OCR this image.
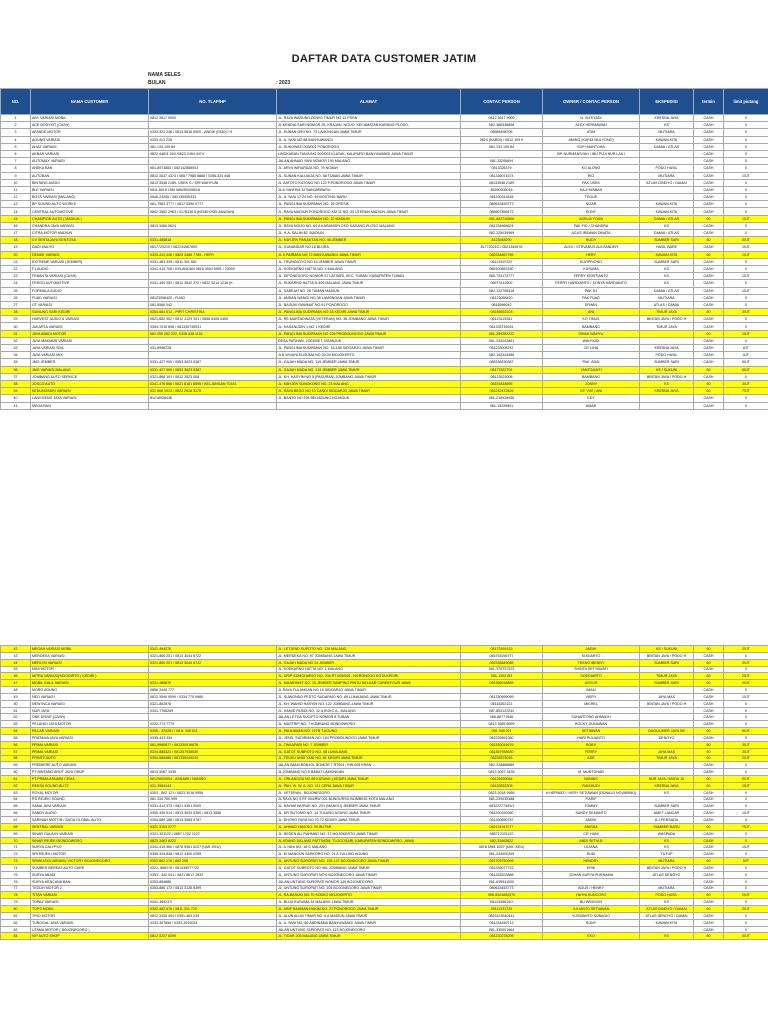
DAFTAR DATA CUSTOMER JATIM
NAMA SELES
BULAN	: 2023
NO.	NAMA CUSTOMER	NO. TLAP/HP	ALAMAT	CONTAC PERSON	OWNER / CONTAC PERSON	EKSPEDISI	termin	limit piutang
1	ABY VARIASI MOBIL	0812 3617 9000	JL. RAYA WARUNG DOWO TIMUR NO.12 PSRN	0812 3617 9000	H. SUTIYADI	KRESNA JAYA	CASH	0
2	ACE BODYKIT (CASH)		JL.KENDALSARI NOMOR 25, KRAJAN, NGIJO, KECAMATAN KARANG PLOSO,	082-366338808	ALEX HERMAWAN	KS	CASH	0
3	AFANDE MOTOR	0332-323 246 / 0813 5816 0000 - ANDIK (0330) / H	JL. SUNAN GIRI NO. 73 LAMONGAN JAWA TIMUR	08585498706	ATIM	MUTIARA	CASH	0
4	AGUNG VARIASI	0333 413 226	JL. A. YANI NO 88 BANYUWANGI	0824 (KARDI) / 0812 109 9	AMING (KARDI MULYONO)	KAWAN KITA	CASH	0
5	AHAZ VARIASI	081 133 109 84	JL. SUKOWATI 003/001 PONOROGO	081 133 109 84	SOFI MUNTOHA	DAMAI / ATLAS	CASH	0
6	AKBAR VARIASI	0822 44811 004 /0823 2494 4474	LINGKARAN TANJUNG 002/003 KLATAK, KALIPURO BANYUWANGI JAWA TIMUR		BP. NURMANSYAH / IBU PUJI NUR LAILI		CASH	0
7	AUTOMAX VARIASI		JALAN AHMAD YANI NOMOR 190 MALANG	081-33206694			CASH	0
8	ANEKA BAN	081-8973883 / 082142888003	JL. ARYA WIRARAJA NO. 79 NGAWI	0813326379	KO ALONG	PODO HASIL	CASH	0
9	AUTOBAN	0813 3037 4374 / 0857 7985 5888 / 0356-334 448	JL. SUNAN KALIJAGA NO. 58 TUBAN JAWA TIMUR	081336074374	RIO	MUTIARA	CASH	10JT
10	BINTANG AUDIO	0813 3548 2189- USEK C / SRI WAHYUNI	JL GATOTO KATONG NO 122 P.PONOROGO JAWA TIMUR	08133548 2189	PAK USEK	ATLAS DINDYO / DAMAI	CASH	0
11	BLE VARIASI	0511-5010 158/ 085250305018	JL A.YANI KM 32 BANJARBARU	85250305018	HAJI MISBAH		CASH	0
12	BOSS VARIASI (MALANG)	0548-24206 / 082135055333	JL. A. YANI 17 24 NO. 49 BOSTING BARU	081230311818	TEGUE		CASH	0
13	BP SOUND AUTO WORKS	081-7962 3777 / 0817 0390 0777	JL. PANGLIMA SUDIRMAN NO. 26 GRESIK	089615453773	NIZAR	KAWAN KITA	CASH	0
14	CENTRAL AUTOMOTIVE	0852 3552 2963 / 0176338 5 (KENDY/KELJANGAN)	JL. RAYA MADIUN PONOROGO KM 11 NO. 30 UTERAN MADIUN JAWA TIMUR	085607859472	RONY	KAWAN KITA	CASH	0
15	CHAMPION AUTO ( MADIUN )		JL. PANGLIMA SUDIRMAN NO. 22 MADIUN	081-802710806	ADELIA YOAN	DAMAI / ATLAS	60	15JT
16	CHANDRA JAYA VARIASI	0813 3466 5624	JL. RAYA NGIJO NO. 60 A KARANGPLOSO KARANG PLOSO MALANG	081334665624	PAK FIO / CHANDRA	KS	CASH	0
17	CITRA MOTOR MADIUN		JL. H.A. SALIM 82, MADIUN	082-225039969	AGUS IRAWAN DINATA	DAMAI / ATLAS	CASH	0
18	CV SENTAJAYA SENTOSA	0331-485818	JL. MAYJEN PANJAITAN NO. 48 JEMBER	8123548290	RUDY	SUMBER SARI	60	50JT
19	DADI MULYO	0817720210 / 08213456780S	JL. GUNANDAR NO.18 BLORA	81772021O / 0821345678	ALEX / STEVANUS ALEXANDER	HASIL BARE	CASH	10JT
20	DENDE VARIASI	0333-413 448 / 0823 3486 7789 - HERY	JL S.PARMAN NO 72 BANYUWANGI JAWA TIMUR	082334867789	HERY	KAWAN KITA	60	10JT
21	EXTREME VARIASI (JEMBER)	0331-483 339 / 0811 301 581	JL. TRUNOJOYO NO 16 JEMBER JAWA TIMUR	08123397337	KORPRIONO	SUMBER SARI	CASH	0
22	F1 AUDIO	0341-415 708 / KELANGAN 0818 0504 5951 / 23000	JL. SOEKARNO HATTA NO. 4 MALANG	085100853150	KUSUMA	KS	CASH	0
23	FEBANTA VARIASI (CASH)		JL. DIPONEGORO NOMOR 57 LATSARI, KEC. TUBAN, KABUPATEN TUBAN,	085-733173777	FERRY KRISTIANTO	KS	CASH	10JT
24	FERGO AUTOMOTIVE	0341-490 252 / 0812 3542 272 / 0822 3214 1216 (K	JL. SUKARNO HATTA D-409 MALANG JAWA TIMUR	08973142502	FERRY HARDIANTO / SONYA HARDIANTO	KS	CASH	0
25	FORMULA AUDIO		JL. SAREAH NO. 26 TAMAN MADIUN	082-132798418	PAK DJ	DAMAI / ATLAS	CASH	15JT
26	FUAD VARIASI	08123058420 - FUAD	JL. ANDAN WANGI NO.38 LAMONGAN JAWA TIMUR	08123058420	PAK FUAD	MUTIARA	CASH	0
27	GT VARIASI	081 6566 042	JL. BAGUKI RAWMAT NO.91 PONOROGO	0816566042	ERWIN	ATLAS / DAMAI	CASH	0
28	GUNUNG SARI KEDIRI	0354-681 012 - PIPIT CHRISTINA	JL. PANGLIMA SUDIRMAN NO 33 KEDIRI JAWA TIMUR	08155633103	ANI	TIMUR JAYA	60	30JT
29	HARVEST AUDIO & VARIASI	0821-662 952 / 0812 3129 341 / 0858 5305 0400	JL. RE MARTADINATA (VETERAN) NO. 36 JOMBANG JAWA TIMUR	08123129341	KO TINUS	BINTAN JAYA / PODO H	CASH	0
30	JAKARTA VARIASI	0354-7015 698 / 081335745931	JL. HASANUDIN 1 NO 1 KEDIRI	081335745931	BAMBANG	TIMUR JAYA	CASH	0
31	JAYA ABADI MOTOR	081 259 252 222, 0335 438 1115	JL. PANGLIMA SUDIRMAN NO 226 PROBOLINGGO JAWA TIMUR	081-259252222	ISHAK WAHYU		60	15JT
32	JAYA MAKMUR VARIASI		DESA PATIHAN, LOCEBET, NGANJUK	081-234242891	WAHYUDI		CASH	0
33	JAYA VARIASI SDA	031-8946728	JL. PANGLIMA SUDIRMAN NO. 18-198 SIDOARJO JAWA TIMUR	081233008787	CE' LINA	KRESNA JAYA	CASH	8JT
34	JAYA VARIASI MIX		JLN WIJAYA KUSUMA NO 30-34 MOJOKERTO	082-142344388		PODO HASIL	CASH	8JT
35	JMG JEMBER	0331-427 900 / 0853 3623 0387	JL. GAJAH MADA NO. 119 JEMBER JAWA TIMUR	085336230387	PAK. ADAI	SUMBER SARI	CASH	50JT
36	JMG VARIASI MALANG	0331-427 900 / 0853 3623 0387	JL. GAJAH MADA NO. 119 JEMBER JAWA TIMUR	08177537701	YANTO/ANTI	KS / SUKUNI	60	50JT
37	JOMBANG AUTO SERVICE	0321-866 191 / 0812 3523 008	JL. KH. HASYIM NO 5 (PASURAN) JOMBANG JAWA TIMUR	08123523008	BAMBANG	BINTAN JAYA / PODO H	CASH	0
38	JOSCO AUTO	0341-476 866 / 0821 8181 8595 / KELJANGAN 70181	JL. MAYJEN SUNGKONO NO. 23 MALANG	08151818595	JONNY	KS	60	30JT
39	KEDUNGSARI VARIASI	031 866 1013 / 0822 2916 3175	JL. RAYA BEGO NO 10 CANDI SIDOARJO JAWA TIMUR	082232472526	CE' VIVI / ANI	KRESNA JAYA	60	75JT
40	LANGGENG JAYA VARIASI	81216928436	JL. BANTO NO 294 BEGADUNG NGANJUK	081-216928436	EDY		CASH	0
41	MEGA BAN			081-15220891	AMAR		CASH	0
42	MEGAH VARIASI MOBIL	0341-494276	JL. LETJEND SUPOTO NO. 126 MALANG	08173391415	ANDIK	KS / SUKUNI	60	20JT
43	MERDEKA VARIASI	0321-860 201 / 0813 3044 6722	JL. MERDEKA NO. 97 JOMBANG JAWA TIMUR	085753295777	SUGIARTO	BINTAN JAYA / PODO H	CASH	0
44	MERLYN VARIASI	0321-860 201 / 0813 3044 6722	JL. GAJAH MADA NO 24 JEMBER	082335849085	TEKNO /BENNY	SUMBER SARI	60	30JT
45	MINI MOTOR		JL. SOEKARNO HATTA NO. 1 MALANG	081-370737323	SHINTA SETYAWATI		CASH	0
46	MITRA VARIASI(SIDOGIRTO ( KEDIRI )		JL. URIP SUMOHARJO NO. 204 RT 005/005 , NGRONGGO KOTA KEDIRI	081-1302153	SOEGIARTO	TIMUR JAYA	60	25JT
47	MOBIL GAUL VARIASI	0331-486670	JL. MAJAPAHIT NO. 15 JEMBER SAMPING PINTU KELUAR CARREFOUR JAWA	081358018855	AGYUS	SUMBER SARI	60	30JT
48	MORO AGUNG	0856 3445 777	JL.RAYA TULANGAN NO 18 SIDOARJO JAWA TIMUR		IMAM		CASH	0
49	NEO VARIASI	0813 3099 9099 / 0334 770 9980	JL. SUWONDO PEDTO SUDARMO NO. 89 LUMAJANG JAWA TIMUR	081330999099	VIERY	JAYA MAS	CASH	10JT
50	NEW INCA VARIASI	0321-862878	JL. KH. WAHID HASYIM NO. 122 JOMBANG JAWA TIMUR	08118352122	MICHEL	BINTAN JAYA / PODO H	CASH	0
51	NUR JAYA	0341-7766269	JL. HAMID RUSDI NO. 12 A RUKO A., MALANG	087-853122242			CASH	0
52	ONE DRIVE (CASH)		JALAN LETDA SUCIPTO NOMOR 8 TUBAN	088-88771946	SUHARTONO AHMADH		CASH	0
53	PELANGI JAYA MOTOR	0332-773 7779	JL. MASTRIP NO. 7 KOMBANG BONDOWOSO	0813 3565 6699	ROCKY GUNAWAN		CASH	0
54	PILLAR VARIASI	0355 - 323281 / 0811 345 011	JL. PAHLAWAN NO. 107B T.AGUNG	081 345 011	SETIAWAN	DAOUL/MER JAYA SB	60	50JT
55	PRATAMA JAYA VARIASI	0335-433 334	JL. JEND. SUDIRMAN NO. 164 PROBOLINGGO JAWA TIMUR	082225651360	HARI PULIANTO	DENOYO	CASH	0
56	PRIMA VARIASI	081-8960877 / 081330016676	JL. TWAAFARI NO. 7 JEMBER	081330016676	ROBY		60	30JT
57	PRIMA VARIASI	0334-885323 / 081357938530	JL. GATOT SUBROTO NO. 48 LUMAJANG	081357938530	FERRY	JAYA MAS	60	30JT
58	PRINTZ AUTO	0354-685488 / 081335443244	JL. TEUKU ANDI YANI NO. 81 KEDIRI JAWA TIMUR	08232576045	ADE	TIMUR JAYA	60	20JT
59	PREMIERE AUTO VARIASI		JALAN IMAM BONJOL NOMOR 7 RT003 / RW 008 KRAN	082-228888889			CASH	0
60	PT BINTANG ARUT JAYA GRUP	0813 3067 3435	JL JOMBANG NO.5 BABAT LAMONGAN	0813 3067 3435	M. MUNTOHAR		CASH	0
61	PT.PRIMA ASNAWI CEMA	08125920054 - ASNAWI / NANING	JL. ORLANGGA NO 86 KATANG ) KEDIRI JAWA TIMUR	08125920054	NANING	BUR JAYA / MUDA JA	60	50JT
62	REKSA SOUND BLITZ	031-3984144	JL. PAH. W. W. A. NO. 111 CERA JAWA TIMUR	08123553308	RAISHUDI	KRESNA JAYA	60	15JT
63	ROYAL MOTOR	0353 - 892 121 / 0823 3018 9955	JL. VETERAN - BOJONEGORO	0823 3018 9955	H.HERWATI / HERY SETIAWAN (DONALD NOVARINO)	KS	CASH	0
64	RS REJEKI SOUND	081 334 759 999	JL RAYA NO 5 RT 004/RW 001 BUNGURSO BLIMBING KOTA MALANG	081-239435388	P.ARIF		CASH	0
65	SAMA JAYA VARIASI	0331-412 373 / 0821 4301 0000	JL. HAYAM WURUK NO. 201 (MANGLI) JEMBER JAWA TIMUR	08122277400O	TOMMY	SUMBER SARI	CASH	0
66	SANDY AUDIO	0355-326 514 / 0813 3033 0350 / 0813 3556	JL. DR SUTOMO NO. 14 TULUNG AGUNG JAWA TIMUR	081330330350	SANDY SEMANTO	AMET LANCAR	CASH	10JT
67	SARINAH MOTOR / SAGA GLOBAL AUTO	0354-689 188 / 0813 3065 0787	JL. DHOHO RAYA NO 70-72 KEDIRI JAWA TIMUR	081330650787	ANDIK	A.J PERSADA	CASH	0
68	SENTRAL VARIASI	0321 3193 3777	JL. AHMAD YANI NO. 30 BLITAR	082131913777	ANISSA	SUMBER BARU	60	75JT
69	SINAR GALAXY VARIASI	0321-321122 / 0857 1702 1122	JL. SEDEN ALI RAHMAD NO. 37 MOJOKERTO JAWA TIMUR	085717021122	CE' HANI	WASPADA	CASH	0
70	SINAR REJEKI BONDOWOSO	0823 3463 8222	JL.KRANG DALANG PATTINOM, TLOGOSARI, KABUPATEN BONDOWOSO, JAWA	082-33463822	ANDI SETIA B	KS	CASH	0
71	SURYA CALYPSO	0341-415 560 / 0878 5961 6207 (UMI -KEU)	JL. A YANI NO. 16 C MALANG	0878 5961 6207 (UMI -KEU)	LILIANA	KS	CASH	10JT
72	SRI REJEKI MOTOR	0355-334 838 / 0812 3400 0255	JL. KI MANGUN SARKORO NO. 21 A TULUNG AGUNG	081-234000255	RUDI	TUTUP	CASH	0
73	SRIWIJAYA VARIASI/ VICTORY BOJONEGORO	0353 882 176 / 882 296	JL. UNTUNG SUROPATI NO. 135-137 BOJONEGORO JAWA TIMUR	081703750999	HENDRY	MUTIARA	60	50T
74	SUMBER BERKAT AUTO CARE	0321- 866278 / 081335077722	JL. GATOT SUBROTO NO 461 JOMBANG JAWA TIMUR	081335077722	ERIK	BINTAN JAYA / PODO H	CASH	0
75	SURYA ABADI	0353 - 342 041 / 0821 8617 1932	JL. UNTUNG SUROPATI NO 6 BOJONEGORO JAWA TIMUR	081332523888	JOHAN SURYA PURNAMA	ATLAS DENOYO	CASH	0
76	SURYA KENCANA BAN	0353-884886	JALAN UNTUNG SUROPATI NOMOR 149 BOJONEGORO	081-639941000			CASH	0
77	TEGUH MOTOR 2	0353-886 172 / 0813 3128 8399	JL. UNTUNG SUROPATI NO. 105 BOJONEGORO JAWA TIMUR	089615453773	AGUS / HENRY	MUTIARA	CASH	0
78	TITAN VARIASI		JL. RA.BASUKI NO.70 SODKO MOJOKERTO	089-5341604370	YAHYA KUNCORO	PODO HASIL	60	20JT
79	TOPAZ VARIASI	0341-365237/	JL. BUJU KUSUMA 34 MALANG JAWA TIMUR	0812345614O	BU WINGGIH	KS	CASH	0
80	TOPS MOBIL	0352-462 676 / 0811 331 725	JL. ARIF RAHMAN HAKIM NO. 27 PONOROGO JAWA TIMUR	08111331725	JULIANTO SETIAWAN	ATLAS DINDYO / DAMAI	60	30JT
81	TRIO MOTOR	0812 3435 404 / 0351-463 239	JL. ALUN ALUN TIMUR NO. 6 A MADIUN JAWA TIMUR	0823423540441	YUSWANTO SUBAGIO	ATLAS DENOYO / DAMAI	CASH	0
82	TUNGGAL JAYA VARIASI	0333-397858 / 0333-3910034	JL. A. YANI NO. 66 ABDINAMA BANYUWANGI JAWA TIMUR	081234459712	SONY	KAWAN KITA	CASH	0
83	UTAMA MOTOR ( BOJONEGORO )		JALAN UNTUNG SUROPATI NO. 113 BOJONEGORO	081-330001964			CASH	0
84	VIP AUTO SHOP	0812 3227 8299	JL. TIDAR 205 MALANG JAWA TIMUR	081232278299	EKO	KS	60	50JT
